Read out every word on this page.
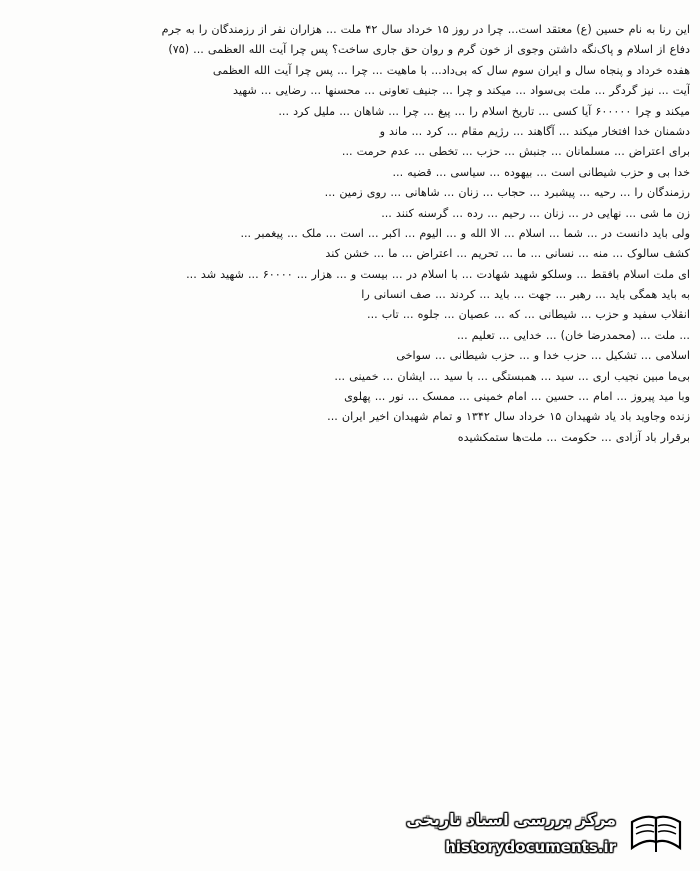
این رنا به نام حسین (ع) معتقد است... چرا در روز ۱۵ خرداد سال ۴۲ ملت ... هزاران نفر از رزمندگان را به جرم
دفاع از اسلام و پاک‌نگه داشتن وجوی از خون گرم و روان حق جاری ساخت؟ پس چرا آیت الله العظمی ... (۷۵)
هفده خرداد و پنجاه سال و ایران سوم سال که بی‌داد... با ماهیت ... چرا ... پس چرا آیت الله العظمی
آیت ... نیز گردگر ... ملت بی‌سواد ... میکند و چرا ... جنیف تعاونی ... محسنها ... رضایی ... شهید
میکند و چرا ۶۰۰۰۰۰ آیا کسی ... تاریخ اسلام را ... پیغ ... چرا ... شاهان ... ملیل کرد ...
دشمنان خدا افتخار میکند ... آگاهند ... رژیم مقام ... کرد ... ماند و
برای اعتراض ... مسلمانان ... جنبش ... حزب ... تخطی ... عدم حرمت ...
خدا بی و حزب شیطانی است ... بیهوده ... سیاسی ... قضیه ...
رزمندگان را ... رحیه ... پیشبرد ... حجاب ... زنان ... شاهانی ... روی زمین ...
زن ما شی ... نهایی در ... زنان ... رحیم ... رده ... گرسنه کنند ...
ولی باید دانست در ... شما ... اسلام ... الا الله و ... الیوم ... اکبر ... است ... ملک ... پیغمبر ...
کشف سالوک ... منه ... نسانی ... ما ... تحریم ... اعتراض ... ما ... خشن کند
ای ملت اسلام بافقط ... وسلکو شهید شهادت ... با اسلام در ... بیست و ... هزار ... ۶۰۰۰۰ ... شهید شد ...
به باید همگی باید ... رهبر ... جهت ... باید ... کردند ... صف انسانی را
انقلاب سفید و حزب ... شیطانی ... که ... عصیان ... جلوه ... تاب ...
... ملت ... (محمدرضا خان) ... خدایی ... تعلیم ...
اسلامی ... تشکیل ... حزب خدا و ... حزب شیطانی ... سواخی
بی‌ما مبین نجیب اری ... سید ... همبستگی ... با سید ... ایشان ... خمینی ...
وبا مید پیروز ... امام ... حسین ... امام خمینی ... ممسک ... نور ... پهلوی
زنده وجاوید باد یاد شهیدان ۱۵ خرداد سال ۱۳۴۲ و تمام شهیدان اخیر ایران ...
برقرار باد آزادی ... حکومت ... ملت‌ها ستمکشیده
مرکز بررسی اسناد تاریخی
historydocuments.ir
